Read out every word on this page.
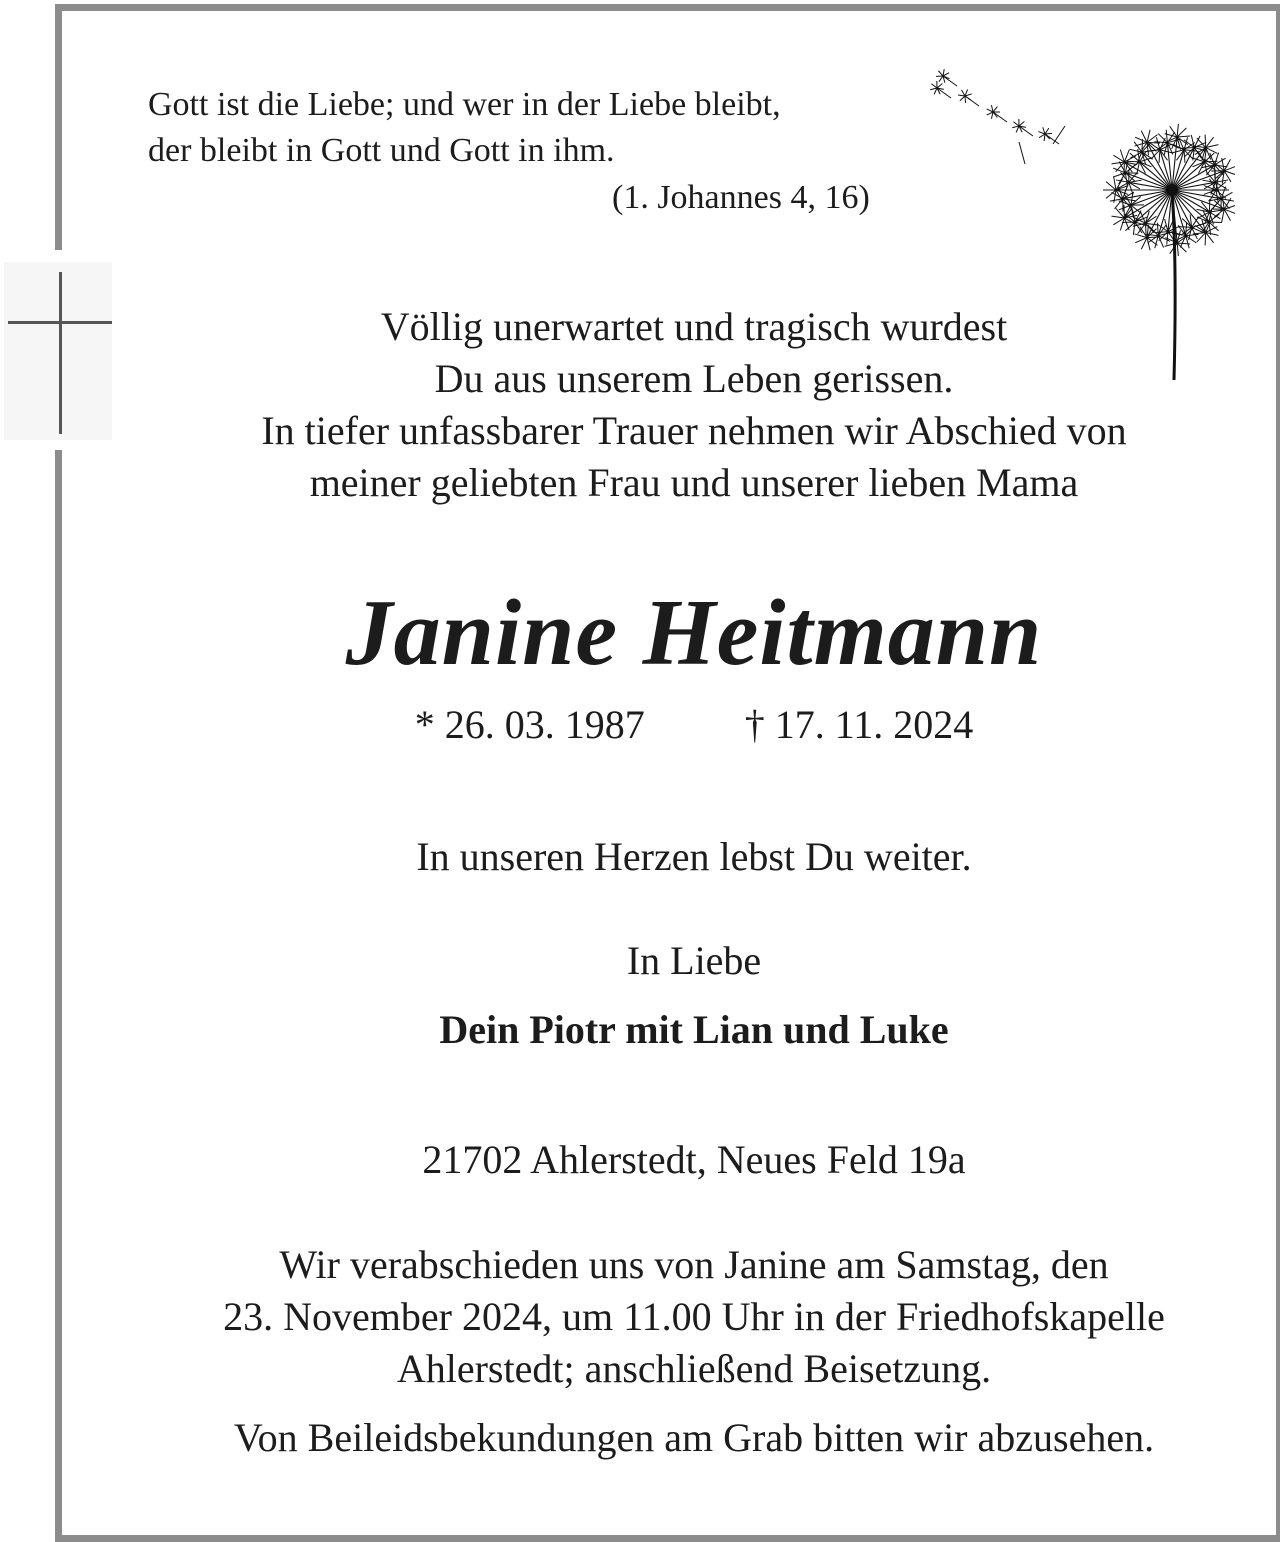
Gott ist die Liebe; und wer in der Liebe bleibt,
der bleibt in Gott und Gott in ihm.

(1. Johannes 4, 16)

Völlig unerwartet und tragisch wurdest
Du aus unserem Leben gerissen.
In tiefer unfassbarer Trauer nehmen wir Abschied von
meiner geliebten Frau und unserer lieben Mama

Janine Heitmann

* 26. 03. 1987	† 17. 11. 2024

In unseren Herzen lebst Du weiter.

In Liebe

Dein Piotr mit Lian und Luke

21702 Ahlerstedt, Neues Feld 19a

Wir verabschieden uns von Janine am Samstag, den
23. November 2024, um 11.00 Uhr in der Friedhofskapelle
Ahlerstedt; anschließend Beisetzung.

Von Beileidsbekundungen am Grab bitten wir abzusehen.
